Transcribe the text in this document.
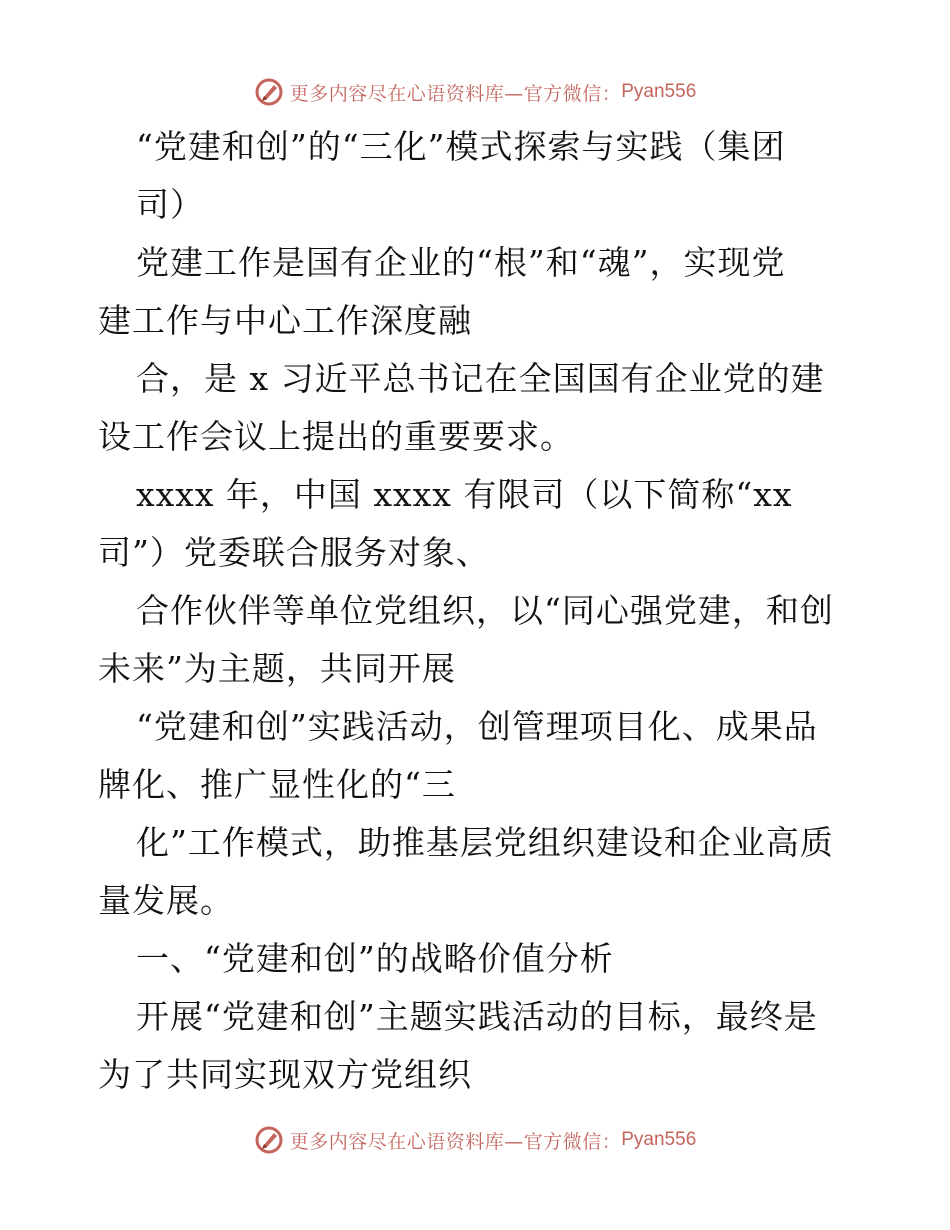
更多内容尽在心语资料库—官方微信： Pyan556
“党建和创”的“三化”模式探索与实践（集团
司）
党建工作是国有企业的“根”和“魂”，实现党
建工作与中心工作深度融
合，是 x 习近平总书记在全国国有企业党的建
设工作会议上提出的重要要求。
xxxx 年，中国 xxxx 有限司（以下简称“xx
司”）党委联合服务对象、
合作伙伴等单位党组织，以“同心强党建，和创
未来”为主题，共同开展
“党建和创”实践活动，创管理项目化、成果品
牌化、推广显性化的“三
化”工作模式，助推基层党组织建设和企业高质
量发展。
一、“党建和创”的战略价值分析
开展“党建和创”主题实践活动的目标，最终是
为了共同实现双方党组织
更多内容尽在心语资料库—官方微信： Pyan556
